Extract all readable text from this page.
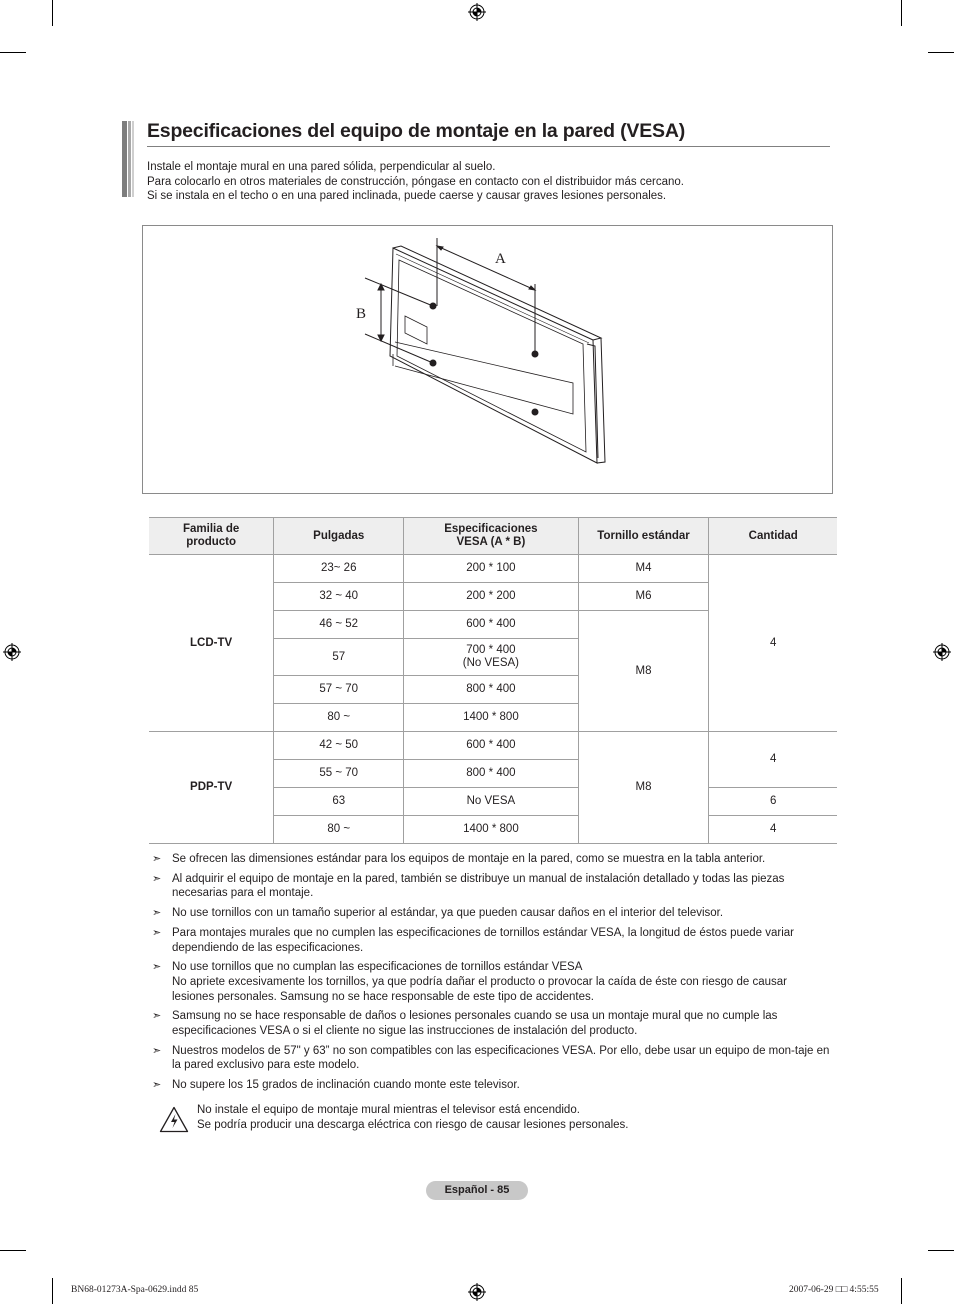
Especificaciones del equipo de montaje en la pared (VESA)

Instale el montaje mural en una pared sólida, perpendicular al suelo.

Para colocarlo en otros materiales de construcción, póngase en contacto con el distribuidor más cercano.

Si se instala en el techo o en una pared inclinada, puede caerse y causar graves lesiones personales.

A
B
Familia de producto	Pulgadas	Especificaciones VESA (A * B)	Tornillo estándar	Cantidad
LCD-TV	23~ 26	200 * 100	M4	4
	32 ~ 40	200 * 200	M6	
	46 ~ 52	600 * 400	M8	
	57	700 * 400
(No VESA)		

	57 ~ 70	800 * 400		
	80 ~	1400 * 800		
PDP-TV	42 ~ 50	600 * 400	M8	4
	55 ~ 70	800 * 400		
	63	No VESA		6
	80 ~	1400 * 800		4
➣ Se ofrecen las dimensiones estándar para los equipos de montaje en la pared, como se muestra en la tabla anterior.
➣ Al adquirir el equipo de montaje en la pared, también se distribuye un manual de instalación detallado y todas las piezas necesarias para el montaje.
➣ No use tornillos con un tamaño superior al estándar, ya que pueden causar daños en el interior del televisor.
➣ Para montajes murales que no cumplen las especificaciones de tornillos estándar VESA, la longitud de éstos puede variar dependiendo de las especificaciones.
➣ No use tornillos que no cumplan las especificaciones de tornillos estándar VESA
No apriete excesivamente los tornillos, ya que podría dañar el producto o provocar la caída de éste con riesgo de causar lesiones personales. Samsung no se hace responsable de este tipo de accidentes.
➣ Samsung no se hace responsable de daños o lesiones personales cuando se usa un montaje mural que no cumple las especificaciones VESA o si el cliente no sigue las instrucciones de instalación del producto.
➣ Nuestros modelos de 57" y 63” no son compatibles con las especificaciones VESA. Por ello, debe usar un equipo de mon-taje en la pared exclusivo para este modelo.
➣ No supere los 15 grados de inclinación cuando monte este televisor.

No instale el equipo de montaje mural mientras el televisor está encendido.

Se podría producir una descarga eléctrica con riesgo de causar lesiones personales.

Español - 85
BN68-01273A-Spa-0629.indd 85	2007-06-29 □□ 4:55:55
